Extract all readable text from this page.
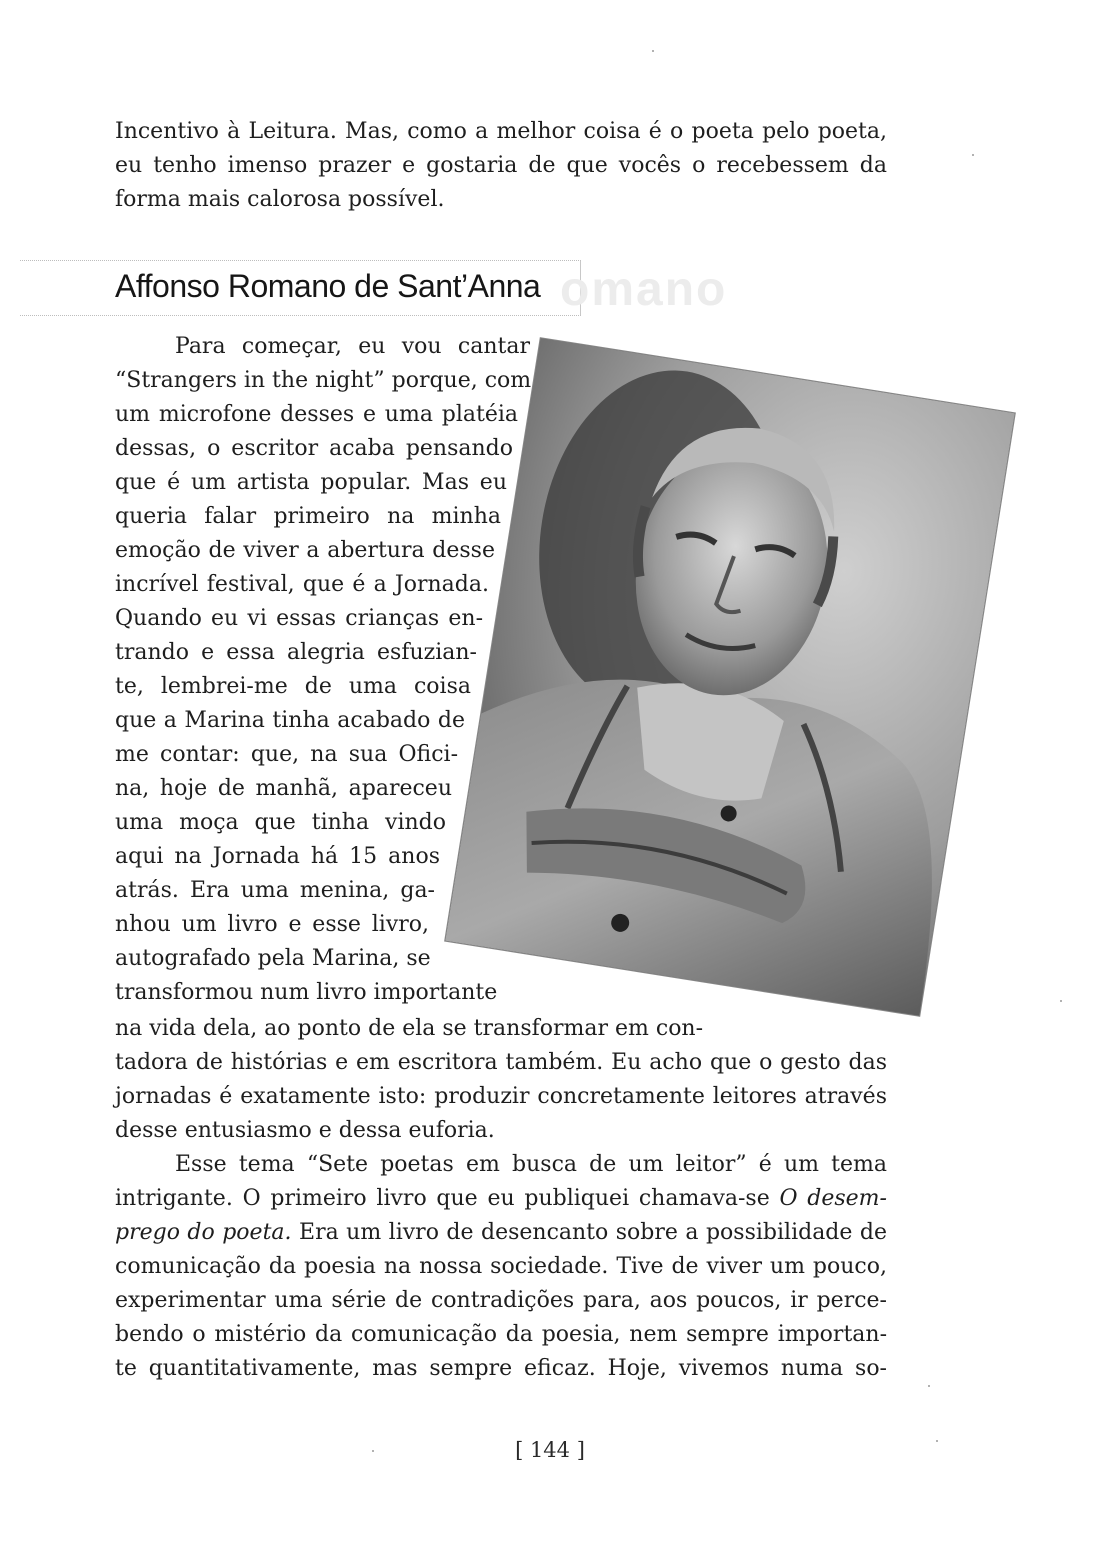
Incentivo à Leitura. Mas, como a melhor coisa é o poeta pelo poeta,
eu tenho imenso prazer e gostaria de que vocês o recebessem da
forma mais calorosa possível.
omano
Affonso Romano de Sant’Anna
Para começar, eu vou cantar
“Strangers in the night” porque, com
um microfone desses e uma platéia
dessas, o escritor acaba pensando
que é um artista popular. Mas eu
queria falar primeiro na minha
emoção de viver a abertura desse
incrível festival, que é a Jornada.
Quando eu vi essas crianças en-
trando e essa alegria esfuzian-
te, lembrei-me de uma coisa
que a Marina tinha acabado de
me contar: que, na sua Ofici-
na, hoje de manhã, apareceu
uma moça que tinha vindo
aqui na Jornada há 15 anos
atrás. Era uma menina, ga-
nhou um livro e esse livro,
autografado pela Marina, se
transformou num livro importante
na vida dela, ao ponto de ela se transformar em con-
tadora de histórias e em escritora também. Eu acho que o gesto das
jornadas é exatamente isto: produzir concretamente leitores através
desse entusiasmo e dessa euforia.
Esse tema “Sete poetas em busca de um leitor” é um tema
intrigante. O primeiro livro que eu publiquei chamava-se O desem-
prego do poeta. Era um livro de desencanto sobre a possibilidade de
comunicação da poesia na nossa sociedade. Tive de viver um pouco,
experimentar uma série de contradições para, aos poucos, ir perce-
bendo o mistério da comunicação da poesia, nem sempre importan-
te quantitativamente, mas sempre eficaz. Hoje, vivemos numa so-
[ 144 ]
